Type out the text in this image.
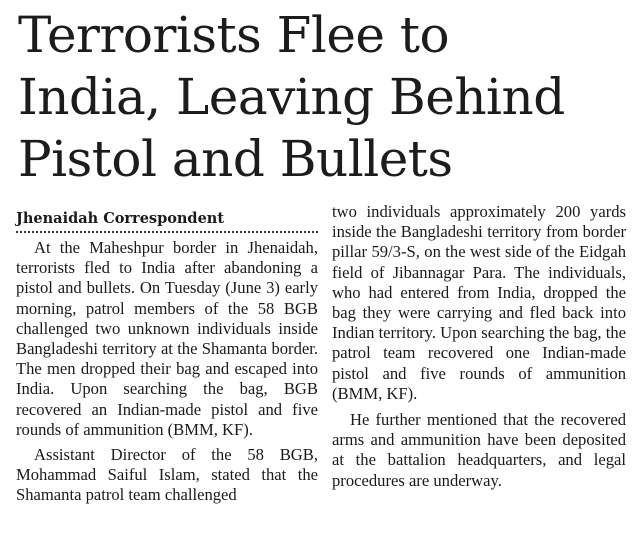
Terrorists Flee to
India, Leaving Behind
Pistol and Bullets
Jhenaidah Correspondent

At the Maheshpur border in Jhenaidah, terrorists fled to India after abandoning a pistol and bullets. On Tuesday (June 3) early morning, patrol members of the 58 BGB challenged two unknown individuals inside Bangladeshi territory at the Shamanta border. The men dropped their bag and escaped into India. Upon searching the bag, BGB recovered an Indian-made pistol and five rounds of ammunition (BMM, KF).

Assistant Director of the 58 BGB, Mohammad Saiful Islam, stated that the Shamanta patrol team challenged

two individuals approximately 200 yards inside the Bangladeshi territory from border pillar 59/3-S, on the west side of the Eidgah field of Jibannagar Para. The individuals, who had entered from India, dropped the bag they were carrying and fled back into Indian territory. Upon searching the bag, the patrol team recovered one Indian-made pistol and five rounds of ammunition (BMM, KF).

He further mentioned that the recovered arms and ammunition have been deposited at the battalion headquarters, and legal procedures are underway.
